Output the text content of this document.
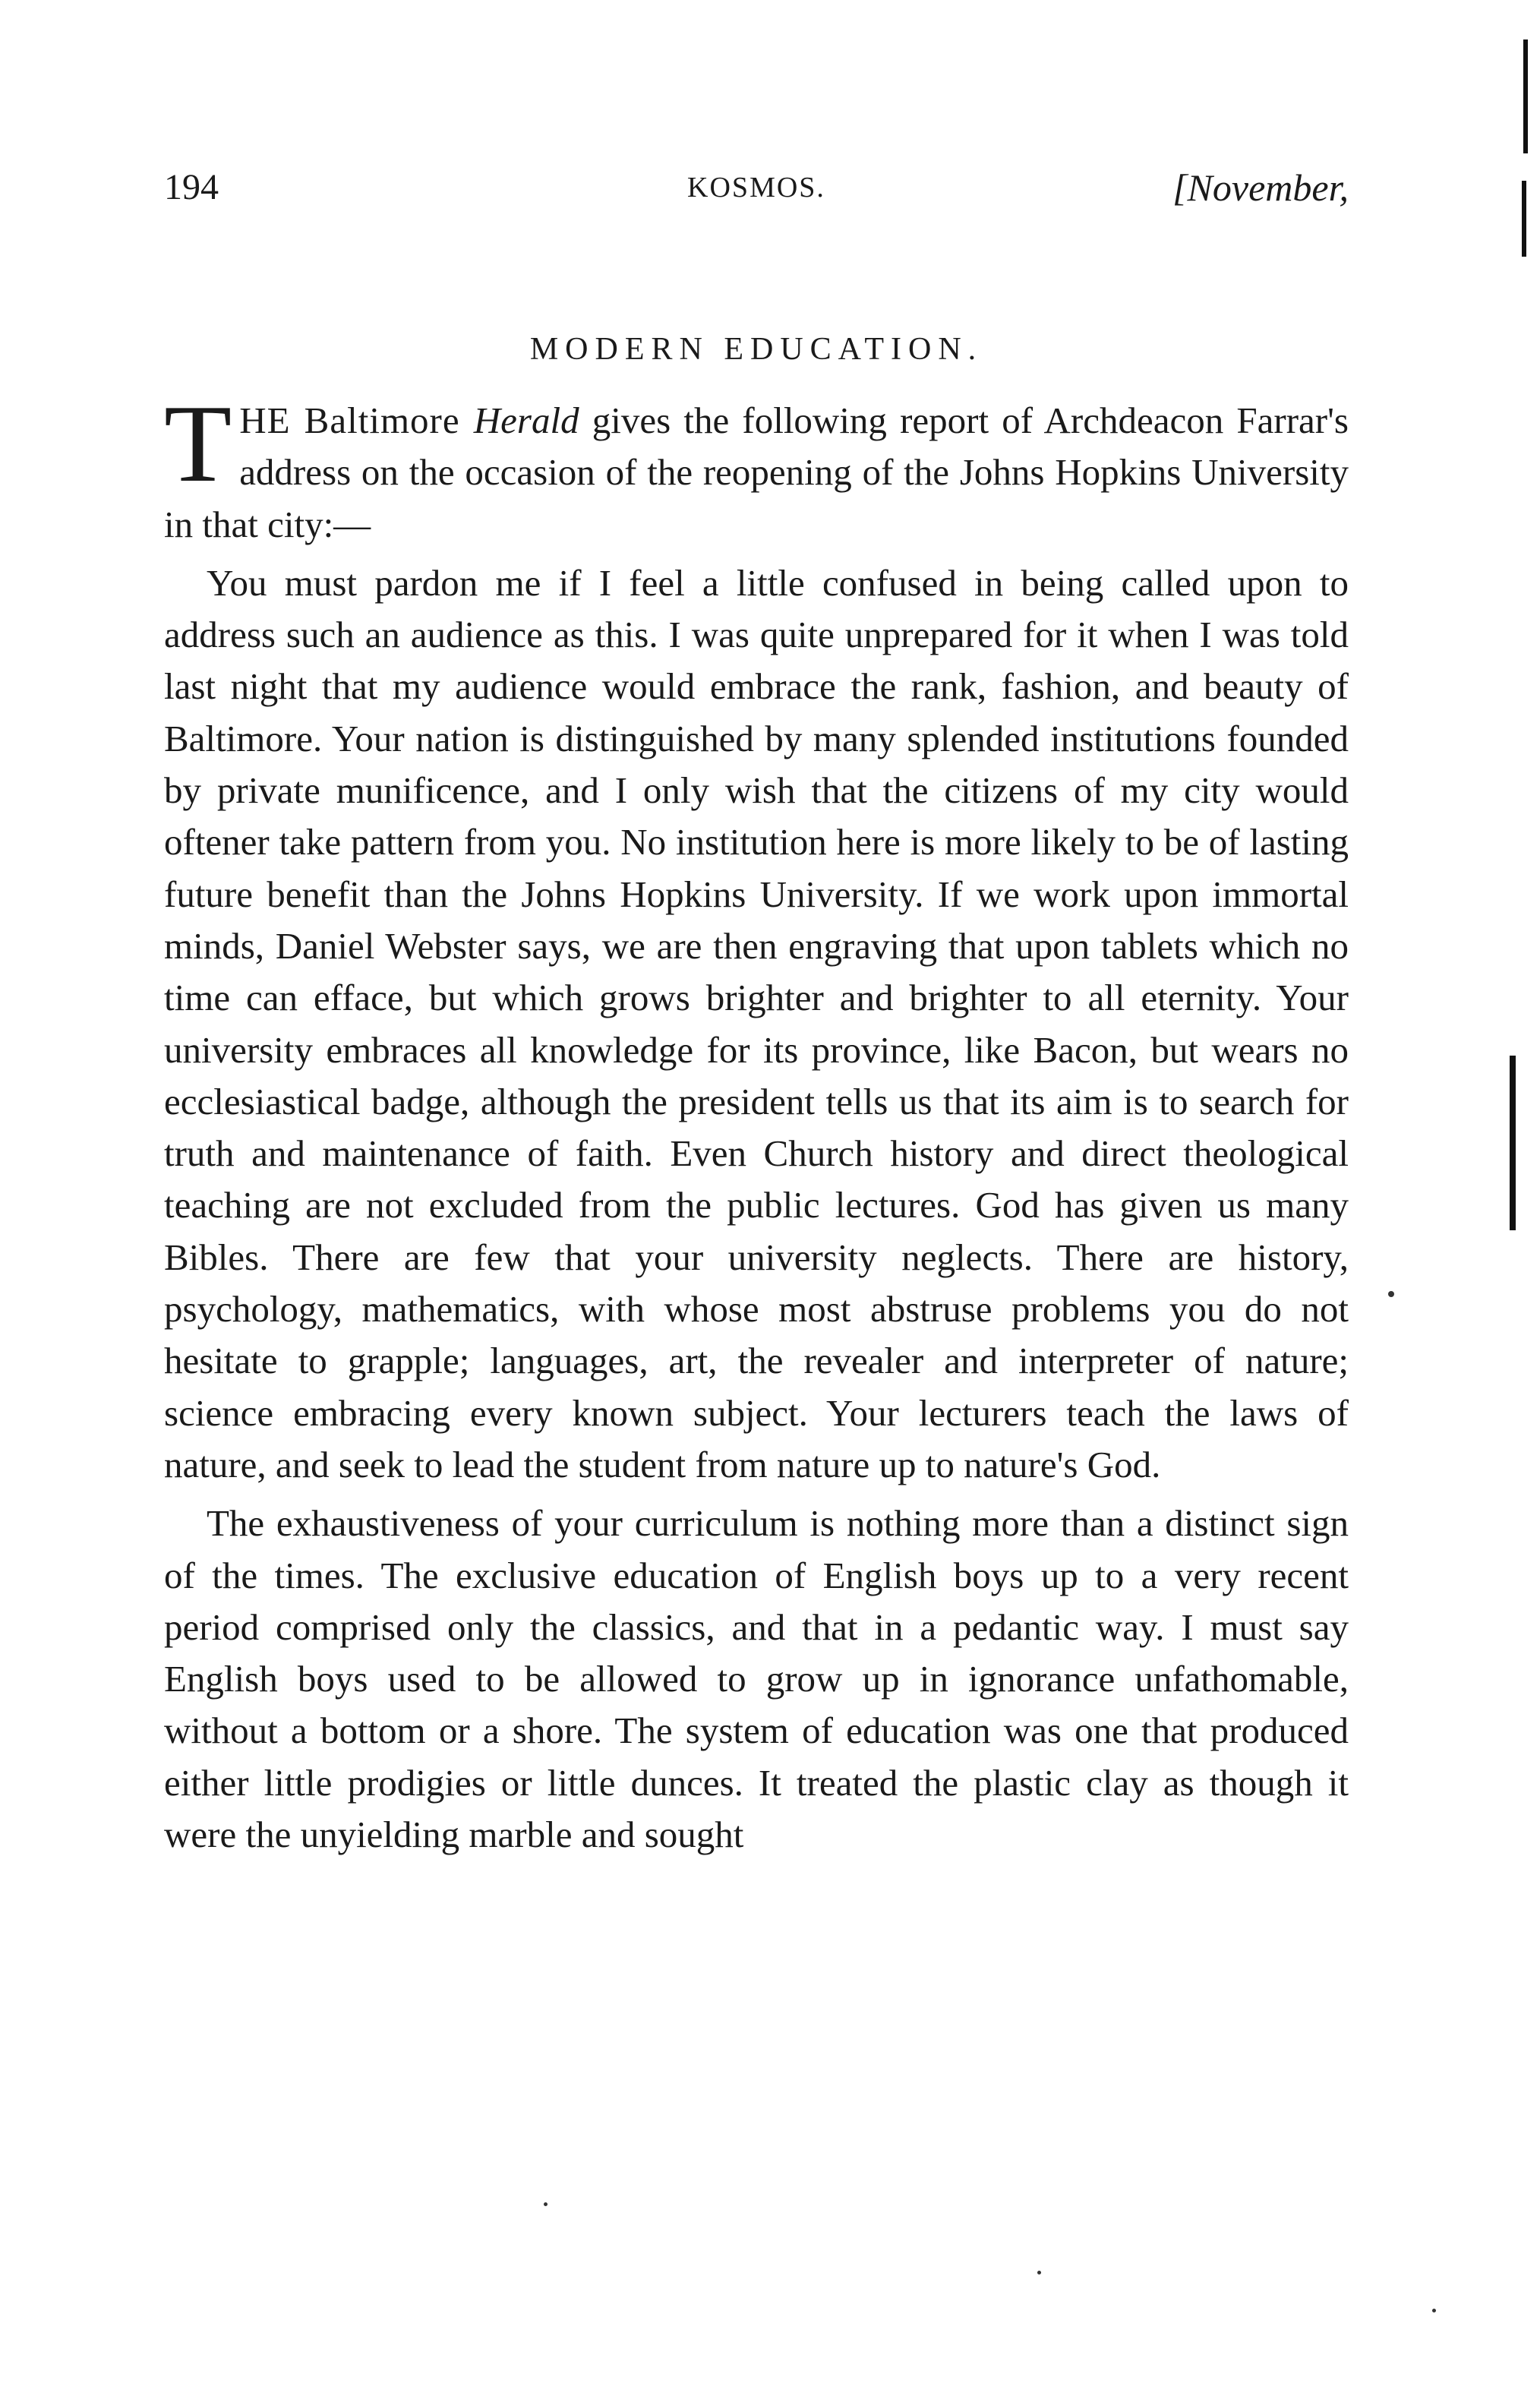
194	KOSMOS.	[November,
MODERN EDUCATION.

THE Baltimore Herald gives the following report of Archdeacon Farrar's address on the occasion of the reopening of the Johns Hopkins University in that city:—

You must pardon me if I feel a little confused in being called upon to address such an audience as this. I was quite unprepared for it when I was told last night that my audience would embrace the rank, fashion, and beauty of Baltimore. Your nation is distinguished by many splended institutions founded by private munificence, and I only wish that the citizens of my city would oftener take pattern from you. No institution here is more likely to be of lasting future benefit than the Johns Hopkins University. If we work upon immortal minds, Daniel Webster says, we are then engraving that upon tablets which no time can efface, but which grows brighter and brighter to all eternity. Your university embraces all knowledge for its province, like Bacon, but wears no ecclesiastical badge, although the president tells us that its aim is to search for truth and maintenance of faith. Even Church history and direct theological teaching are not excluded from the public lectures. God has given us many Bibles. There are few that your university neglects. There are history, psychology, mathematics, with whose most abstruse problems you do not hesitate to grapple; languages, art, the revealer and interpreter of nature; science embracing every known subject. Your lecturers teach the laws of nature, and seek to lead the student from nature up to nature's God.

The exhaustiveness of your curriculum is nothing more than a distinct sign of the times. The exclusive education of English boys up to a very recent period comprised only the classics, and that in a pedantic way. I must say English boys used to be allowed to grow up in ignorance unfathomable, without a bottom or a shore. The system of education was one that produced either little prodigies or little dunces. It treated the plastic clay as though it were the unyielding marble and sought
